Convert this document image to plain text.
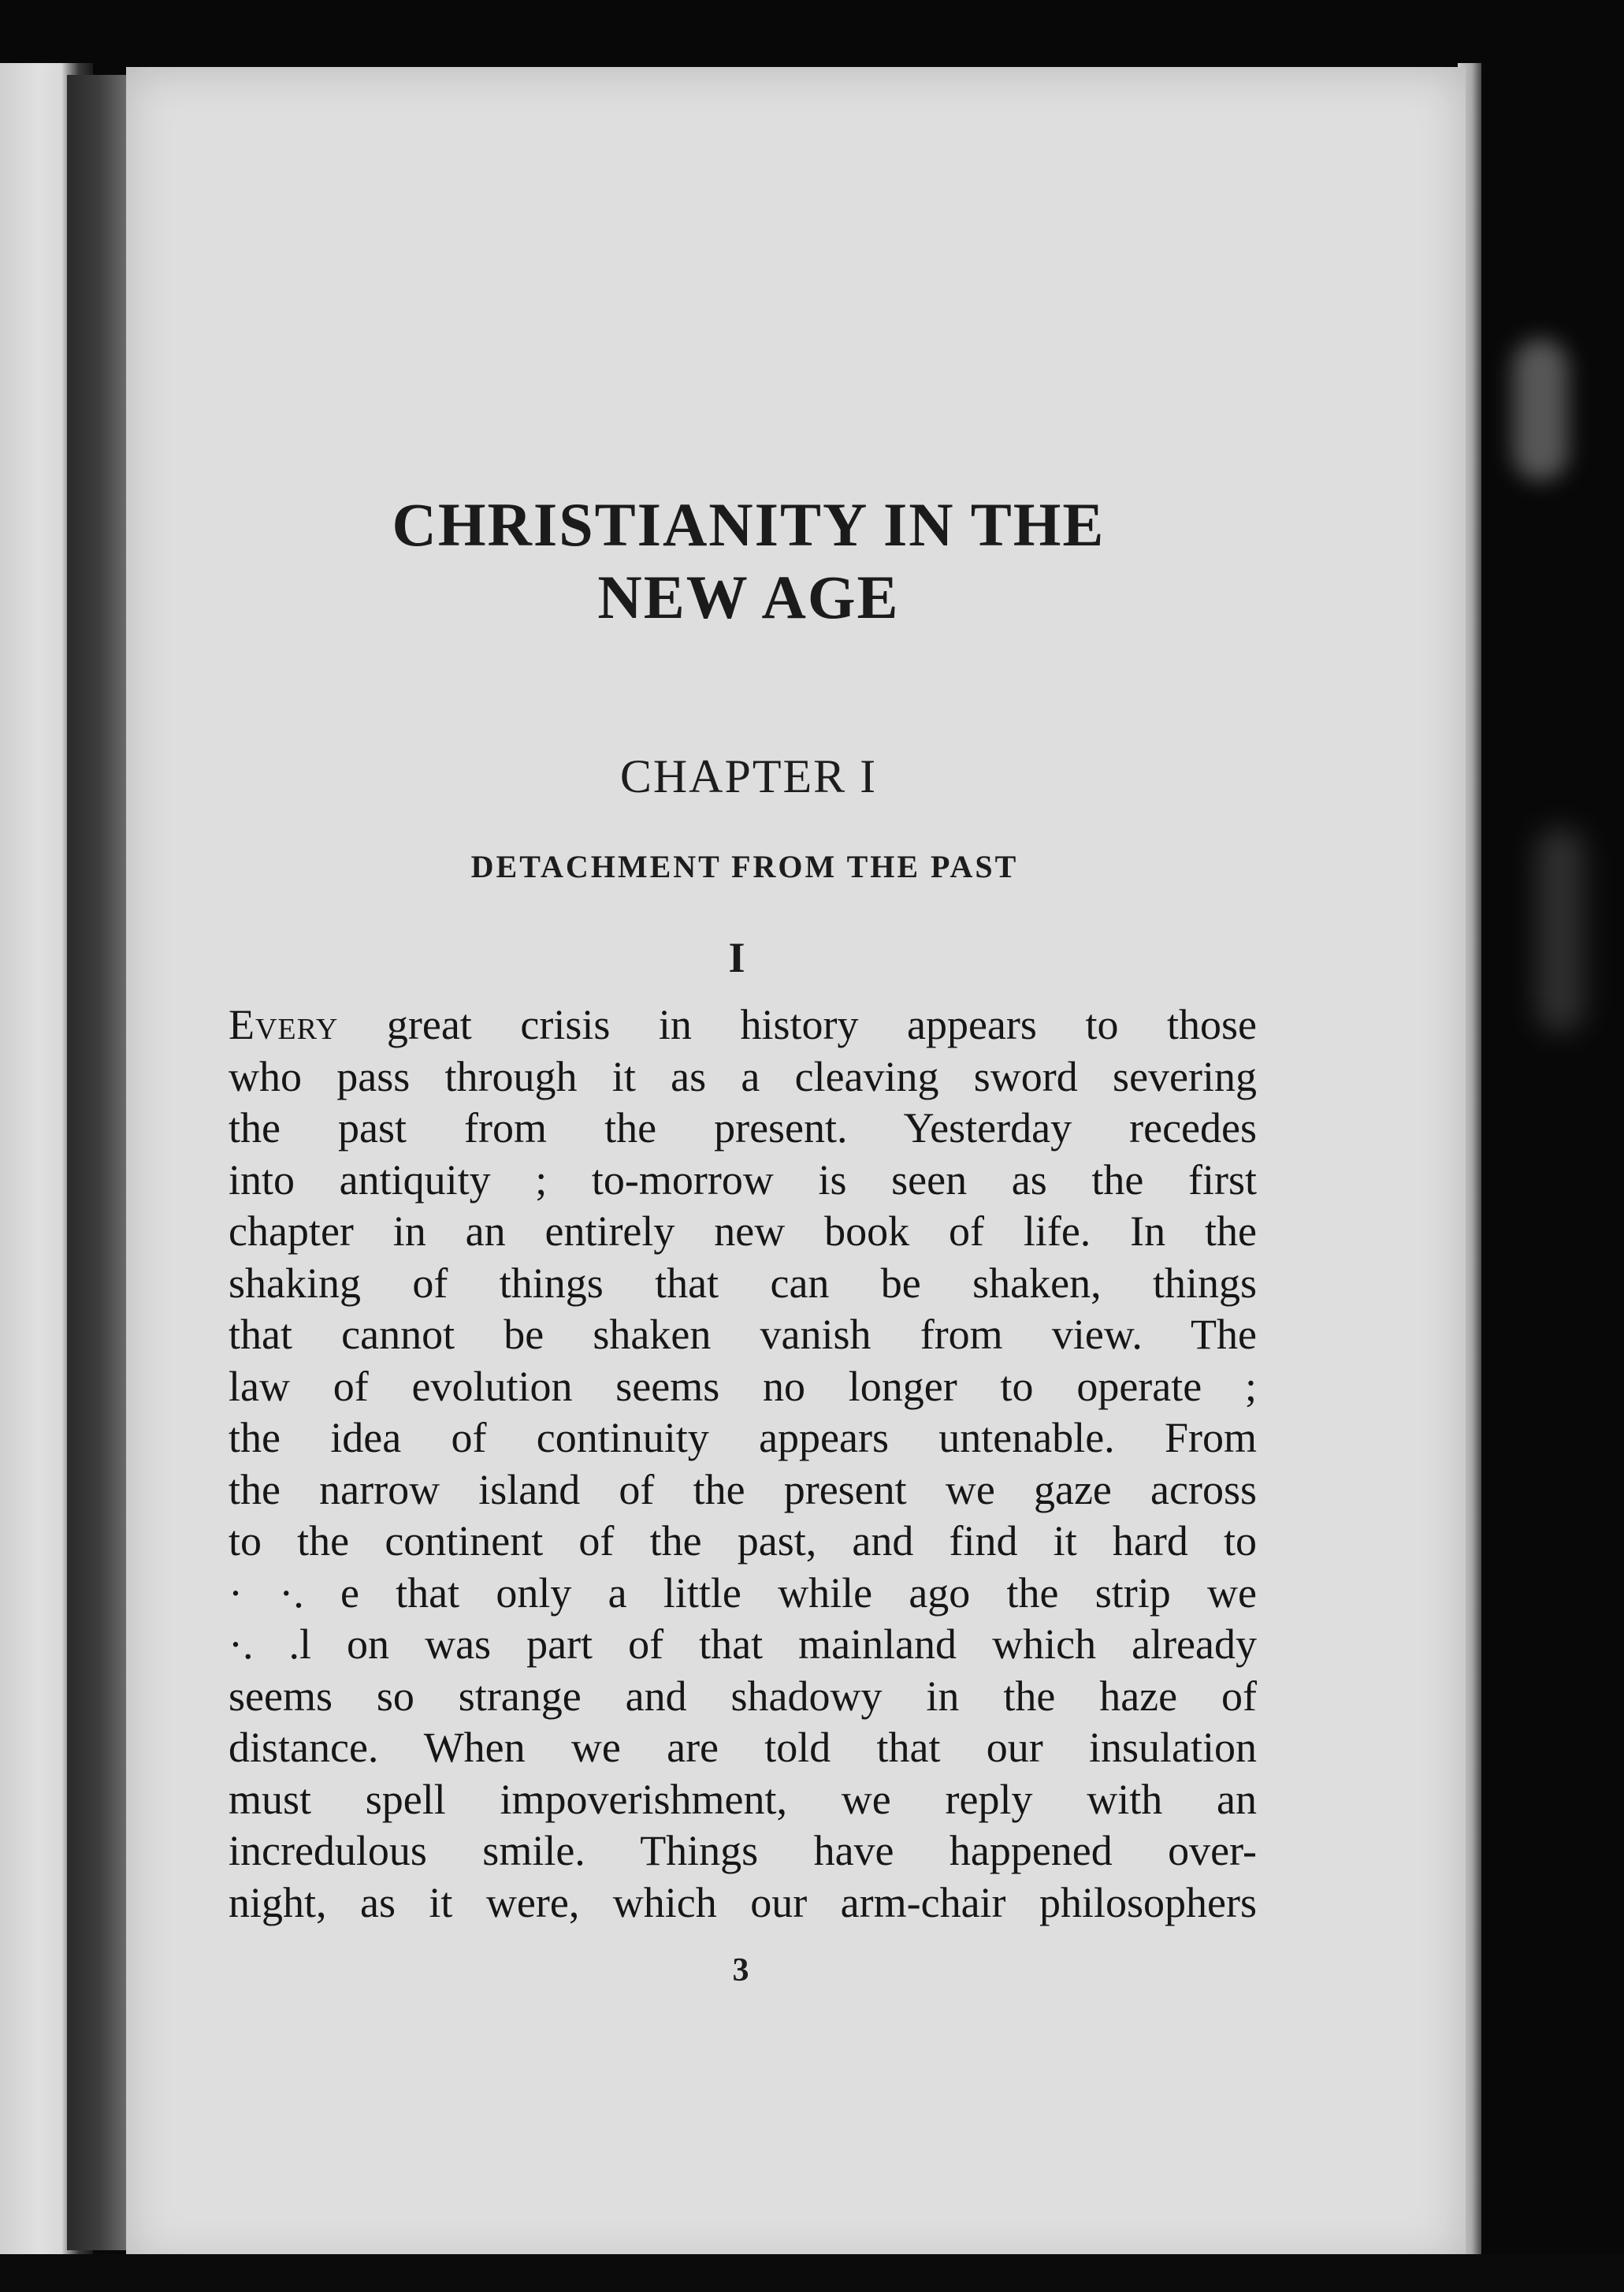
CHRISTIANITY IN THE
NEW AGE
CHAPTER I
DETACHMENT FROM THE PAST
I
Every great crisis in history appears to those
who pass through it as a cleaving sword severing
the past from the present. Yesterday recedes
into antiquity ; to-morrow is seen as the first
chapter in an entirely new book of life. In the
shaking of things that can be shaken, things
that cannot be shaken vanish from view. The
law of evolution seems no longer to operate ;
the idea of continuity appears untenable. From
the narrow island of the present we gaze across
to the continent of the past, and find it hard to
· ·. e that only a little while ago the strip we
·. .l on was part of that mainland which already
seems so strange and shadowy in the haze of
distance. When we are told that our insulation
must spell impoverishment, we reply with an
incredulous smile. Things have happened over-
night, as it were, which our arm-chair philosophers
3
